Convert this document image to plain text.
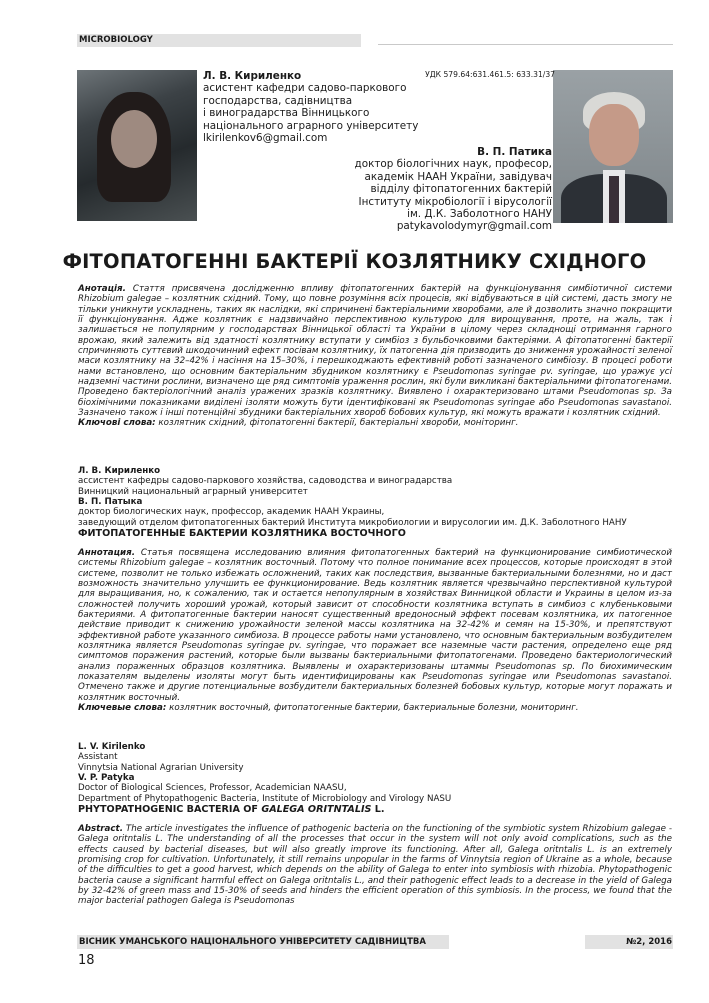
MICROBIOLOGY
Л. В. Кириленко
асистент кафедри садово-паркового
господарства, садівництва
і виноградарства Вінницького
національного аграрного університету
lkirilenkov6@gmail.com
УДК 579.64:631.461.5: 633.31/37
В. П. Патика
доктор біологічних наук, професор,
академік НААН України, завідувач
відділу фітопатогенних бактерій
Інституту мікробіології і вірусології
ім. Д.К. Заболотного НАНУ
patykavolodymyr@gmail.com
ФІТОПАТОГЕННІ БАКТЕРІЇ КОЗЛЯТНИКУ СХІДНОГО
Анотація. Стаття присвячена дослідженню впливу фітопатогенних бактерій на функціонування симбіотичної системи Rhizobium galegae – козлятник східний. Тому, що повне розуміння всіх процесів, які відбуваються в цій системі, дасть змогу не тільки уникнути ускладнень, таких як наслідки, які спричинені бактеріальними хворобами, але й дозволить значно покращити її функціонування. Адже козлятник є надзвичайно перспективною культурою для вирощування, проте, на жаль, так і залишається не популярним у господарствах Вінницької області та України в цілому через складнощі отримання гарного врожаю, який залежить від здатності козлятнику вступати у симбіоз з бульбочковими бактеріями. А фітопатогенні бактерії спричиняють суттєвий шкодочинний ефект посівам козлятнику, їх патогенна дія призводить до зниження урожайності зеленої маси козлятнику на 32–42% і насіння на 15–30%, і перешкоджають ефективній роботі зазначеного симбіозу. В процесі роботи нами встановлено, що основним бактеріальним збудником козлятнику є Pseudomonas syringae pv. syringae, що уражує усі надземні частини рослини, визначено ще ряд симптомів ураження рослин, які були викликані бактеріальними фітопатогенами. Проведено бактеріологічний аналіз уражених зразків козлятнику. Виявлено і охарактеризовано штами Pseudomonas sp. За біохімічними показниками виділені ізоляти можуть бути ідентифіковані як Pseudomonas syringae або Pseudomonas savastanoi. Зазначено також і інші потенційні збудники бактеріальних хвороб бобових культур, які можуть вражати і козлятник східний.
Ключові слова: козлятник східний, фітопатогенні бактерії, бактеріальні хвороби, моніторинг.
Л. В. Кириленко
ассистент кафедры садово-паркового хозяйства, садоводства и виноградарства
Винницкий национальный аграрный университет
В. П. Патыка
доктор биологических наук, профессор, академик НААН Украины,
заведующий отделом фитопатогенных бактерий Института микробиологии и вирусологии им. Д.К. Заболотного НАНУ
ФИТОПАТОГЕННЫЕ БАКТЕРИИ КОЗЛЯТНИКА ВОСТОЧНОГО
Аннотация. Статья посвящена исследованию влияния фитопатогенных бактерий на функционирование симбиотической системы Rhizobium galegae – козлятник восточный. Потому что полное понимание всех процессов, которые происходят в этой системе, позволит не только избежать осложнений, таких как последствия, вызванные бактериальными болезнями, но и даст возможность значительно улучшить ее функционирование. Ведь козлятник является чрезвычайно перспективной культурой для выращивания, но, к сожалению, так и остается непопулярным в хозяйствах Винницкой области и Украины в целом из-за сложностей получить хороший урожай, который зависит от способности козлятника вступать в симбиоз с клубеньковыми бактериями. А фитопатогенные бактерии наносят существенный вредоносный эффект посевам козлятника, их патогенное действие приводит к снижению урожайности зеленой массы козлятника на 32-42% и семян на 15-30%, и препятствуют эффективной работе указанного симбиоза. В процессе работы нами установлено, что основным бактериальным возбудителем козлятника является Pseudomonas syringae pv. syringae, что поражает все наземные части растения, определено еще ряд симптомов поражения растений, которые были вызваны бактериальными фитопатогенами. Проведено бактериологический анализ пораженных образцов козлятника. Выявлены и охарактеризованы штаммы Pseudomonas sp. По биохимическим показателям выделены изоляты могут быть идентифицированы как Pseudomonas syringae или Pseudomonas savastanoi. Отмечено также и другие потенциальные возбудители бактериальных болезней бобовых культур, которые могут поражать и козлятник восточный.
Ключевые слова: козлятник восточный, фитопатогенные бактерии, бактериальные болезни, мониторинг.
L. V. Kirilenko
Assistant
Vinnytsia National Agrarian University
V. P. Patyka
Doctor of Biological Sciences, Professor, Academician NAASU,
Department of Phytopathogenic Bacteria, Institute of Microbiology and Virology NASU
PHYTOPATHOGENIC BACTERIA OF GALEGA ORITNTALIS L.
Abstract. The article investigates the influence of pathogenic bacteria on the functioning of the symbiotic system Rhizobium galegae - Galega oritntalis L. The understanding of all the processes that occur in the system will not only avoid complications, such as the effects caused by bacterial diseases, but will also greatly improve its functioning. After all, Galega oritntalis L. is an extremely promising crop for cultivation. Unfortunately, it still remains unpopular in the farms of Vinnytsia region of Ukraine as a whole, because of the difficulties to get a good harvest, which depends on the ability of Galega to enter into symbiosis with rhizobia. Phytopathogenic bacteria cause a significant harmful effect on Galega oritntalis L., and their pathogenic effect leads to a decrease in the yield of Galega by 32-42% of green mass and 15-30% of seeds and hinders the efficient operation of this symbiosis. In the process, we found that the major bacterial pathogen Galega is Pseudomonas
ВІСНИК УМАНСЬКОГО НАЦІОНАЛЬНОГО УНІВЕРСИТЕТУ САДІВНИЦТВА	№2, 2016
18
